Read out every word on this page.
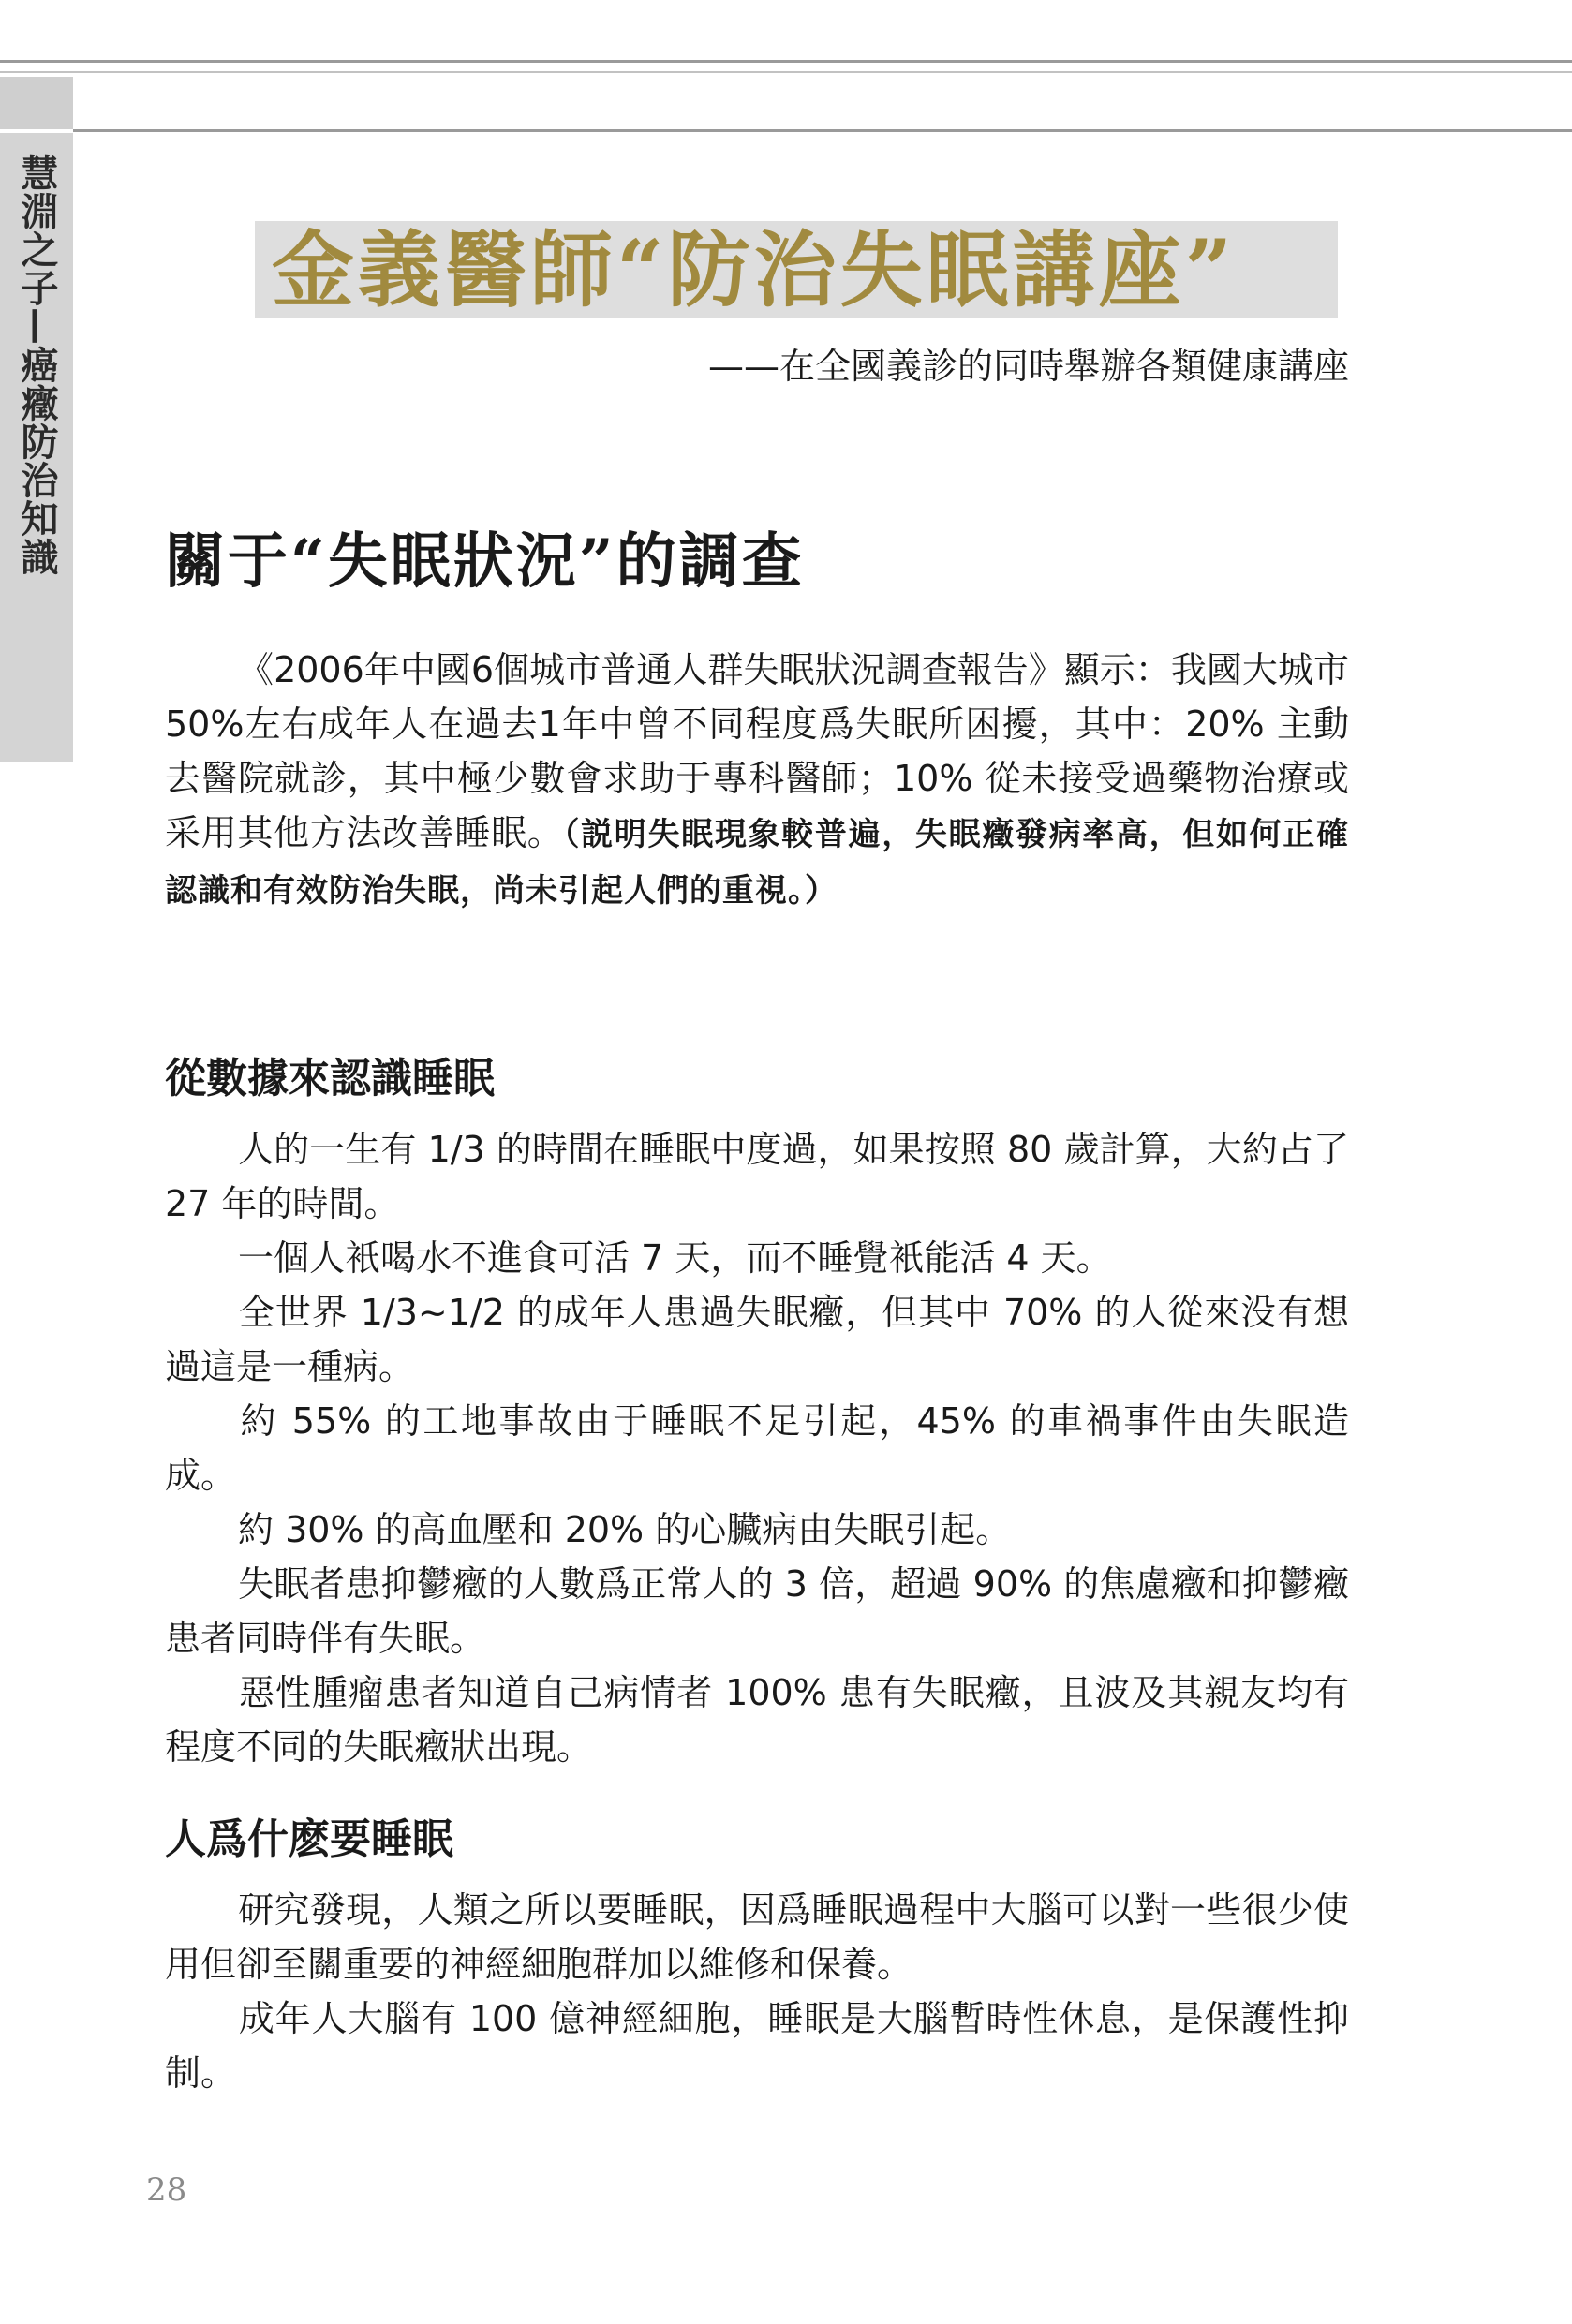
慧淵之子—癌癥防治知識	金義醫師“防治失眠講座”
——在全國義診的同時舉辦各類健康講座
關于“失眠狀況”的調查

《2006年中國6個城市普通人群失眠狀況調查報告》顯示：我國大城市50%左右成年人在過去1年中曾不同程度爲失眠所困擾，其中：20% 主動去醫院就診，其中極少數會求助于專科醫師；10% 從未接受過藥物治療或采用其他方法改善睡眠。（説明失眠現象較普遍，失眠癥發病率高，但如何正確認識和有效防治失眠，尚未引起人們的重視。）

從數據來認識睡眠

人的一生有 1/3 的時間在睡眠中度過，如果按照 80 歲計算，大約占了 27 年的時間。

一個人衹喝水不進食可活 7 天，而不睡覺衹能活 4 天。

全世界 1/3~1/2 的成年人患過失眠癥，但其中 70% 的人從來没有想過這是一種病。

約 55% 的工地事故由于睡眠不足引起，45% 的車禍事件由失眠造成。

約 30% 的高血壓和 20% 的心臟病由失眠引起。

失眠者患抑鬱癥的人數爲正常人的 3 倍，超過 90% 的焦慮癥和抑鬱癥患者同時伴有失眠。

惡性腫瘤患者知道自己病情者 100% 患有失眠癥，且波及其親友均有程度不同的失眠癥狀出現。

人爲什麽要睡眠

研究發現，人類之所以要睡眠，因爲睡眠過程中大腦可以對一些很少使用但卻至關重要的神經細胞群加以維修和保養。

成年人大腦有 100 億神經細胞，睡眠是大腦暫時性休息，是保護性抑制。

28
